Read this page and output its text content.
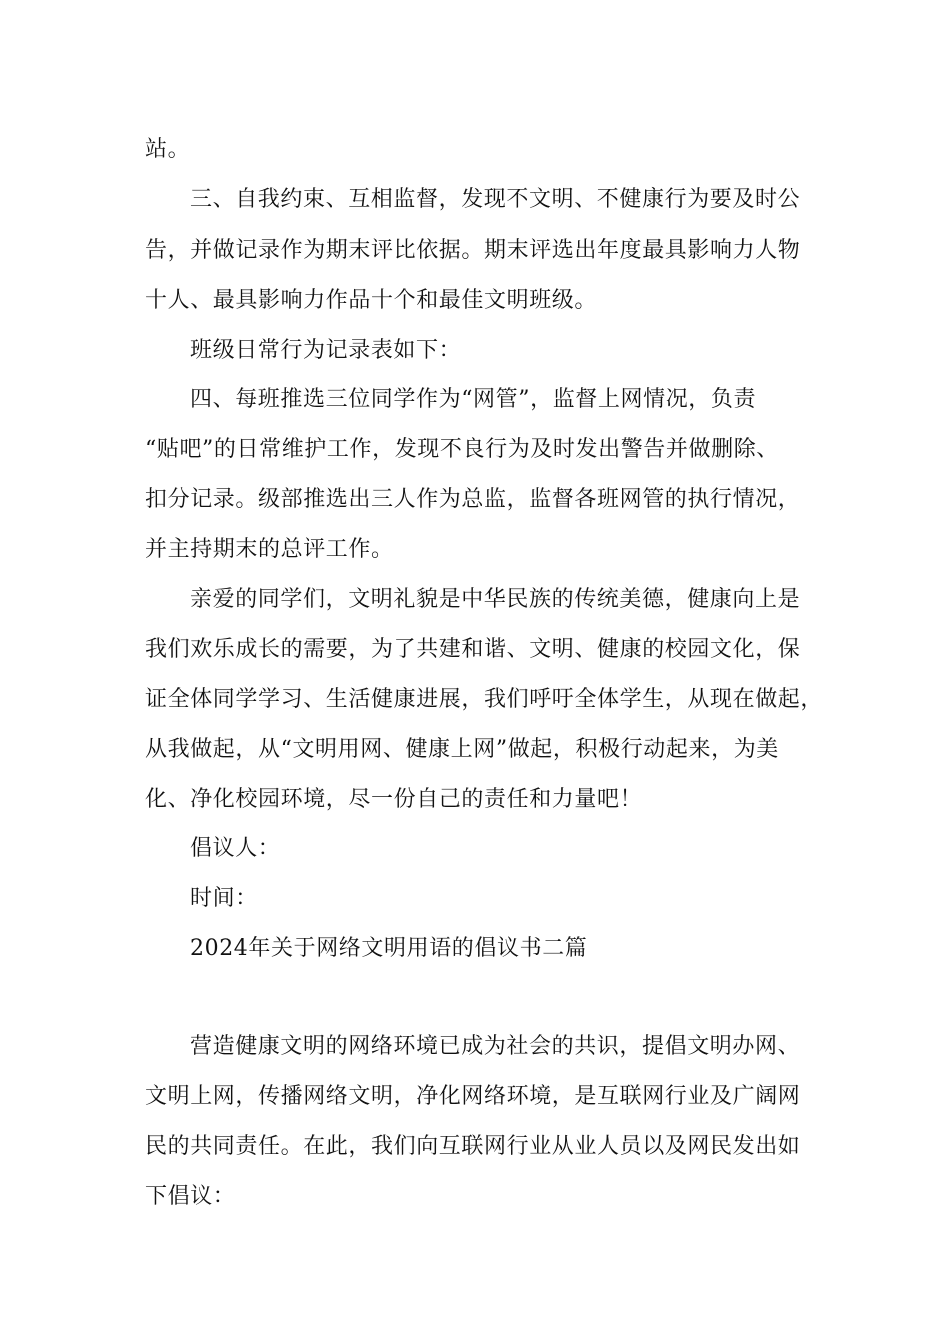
站。
三、自我约束、互相监督，发现不文明、不健康行为要及时公
告，并做记录作为期末评比依据。期末评选出年度最具影响力人物
十人、最具影响力作品十个和最佳文明班级。
班级日常行为记录表如下：
四、每班推选三位同学作为“网管”，监督上网情况，负责
“贴吧”的日常维护工作，发现不良行为及时发出警告并做删除、
扣分记录。级部推选出三人作为总监，监督各班网管的执行情况，
并主持期末的总评工作。
亲爱的同学们，文明礼貌是中华民族的传统美德，健康向上是
我们欢乐成长的需要，为了共建和谐、文明、健康的校园文化，保
证全体同学学习、生活健康进展，我们呼吁全体学生，从现在做起，
从我做起，从“文明用网、健康上网”做起，积极行动起来，为美
化、净化校园环境，尽一份自己的责任和力量吧！
倡议人：
时间：
2024年关于网络文明用语的倡议书二篇
营造健康文明的网络环境已成为社会的共识，提倡文明办网、
文明上网，传播网络文明，净化网络环境，是互联网行业及广阔网
民的共同责任。在此，我们向互联网行业从业人员以及网民发出如
下倡议：
